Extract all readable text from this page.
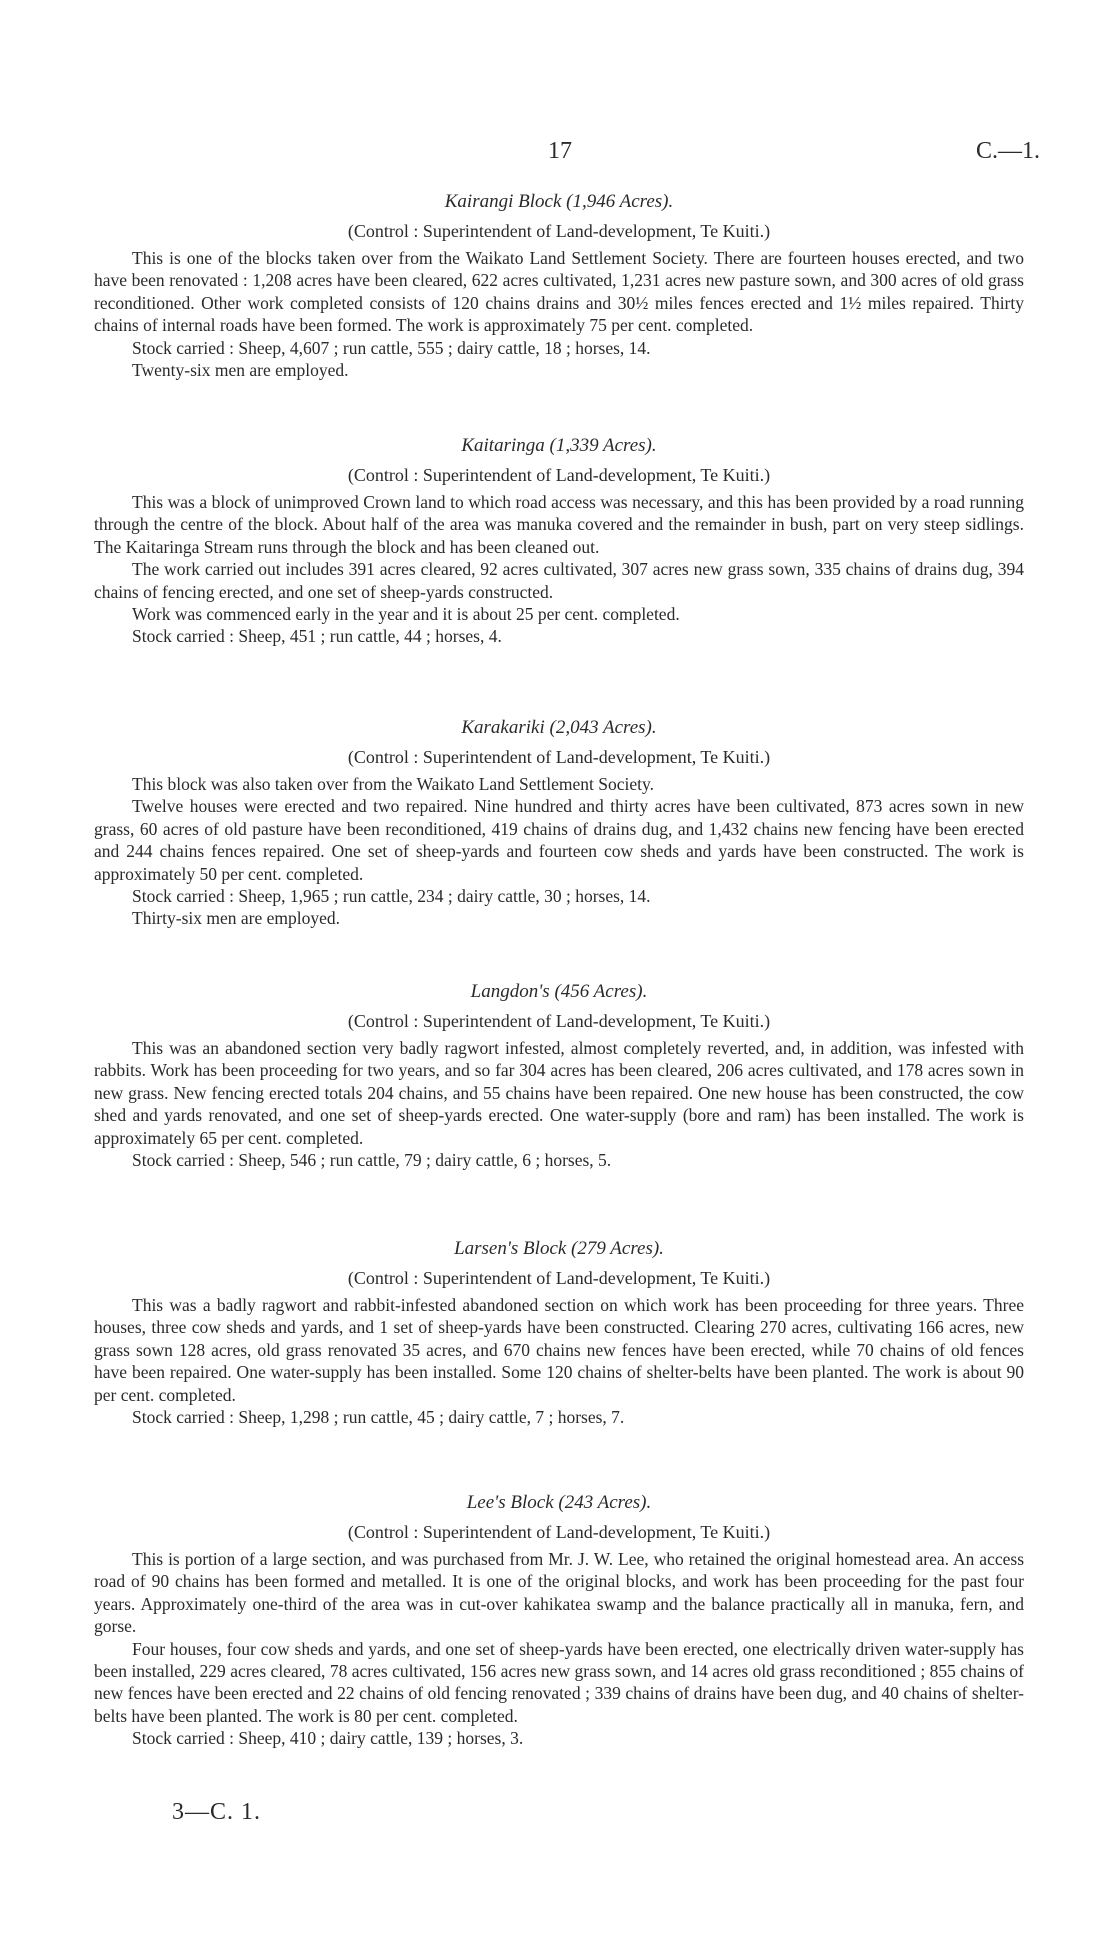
17	C.—1.
Kairangi Block (1,946 Acres).
(Control : Superintendent of Land-development, Te Kuiti.)

This is one of the blocks taken over from the Waikato Land Settlement Society. There are fourteen houses erected, and two have been renovated : 1,208 acres have been cleared, 622 acres cultivated, 1,231 acres new pasture sown, and 300 acres of old grass reconditioned. Other work completed consists of 120 chains drains and 30½ miles fences erected and 1½ miles repaired. Thirty chains of internal roads have been formed. The work is approximately 75 per cent. completed.

Stock carried : Sheep, 4,607 ; run cattle, 555 ; dairy cattle, 18 ; horses, 14.

Twenty-six men are employed.

Kaitaringa (1,339 Acres).
(Control : Superintendent of Land-development, Te Kuiti.)

This was a block of unimproved Crown land to which road access was necessary, and this has been provided by a road running through the centre of the block. About half of the area was manuka covered and the remainder in bush, part on very steep sidlings. The Kaitaringa Stream runs through the block and has been cleaned out.

The work carried out includes 391 acres cleared, 92 acres cultivated, 307 acres new grass sown, 335 chains of drains dug, 394 chains of fencing erected, and one set of sheep-yards constructed.

Work was commenced early in the year and it is about 25 per cent. completed.

Stock carried : Sheep, 451 ; run cattle, 44 ; horses, 4.

Karakariki (2,043 Acres).
(Control : Superintendent of Land-development, Te Kuiti.)

This block was also taken over from the Waikato Land Settlement Society.

Twelve houses were erected and two repaired. Nine hundred and thirty acres have been cultivated, 873 acres sown in new grass, 60 acres of old pasture have been reconditioned, 419 chains of drains dug, and 1,432 chains new fencing have been erected and 244 chains fences repaired. One set of sheep-yards and fourteen cow sheds and yards have been constructed. The work is approximately 50 per cent. completed.

Stock carried : Sheep, 1,965 ; run cattle, 234 ; dairy cattle, 30 ; horses, 14.

Thirty-six men are employed.

Langdon's (456 Acres).
(Control : Superintendent of Land-development, Te Kuiti.)

This was an abandoned section very badly ragwort infested, almost completely reverted, and, in addition, was infested with rabbits. Work has been proceeding for two years, and so far 304 acres has been cleared, 206 acres cultivated, and 178 acres sown in new grass. New fencing erected totals 204 chains, and 55 chains have been repaired. One new house has been constructed, the cow shed and yards renovated, and one set of sheep-yards erected. One water-supply (bore and ram) has been installed. The work is approximately 65 per cent. completed.

Stock carried : Sheep, 546 ; run cattle, 79 ; dairy cattle, 6 ; horses, 5.

Larsen's Block (279 Acres).
(Control : Superintendent of Land-development, Te Kuiti.)

This was a badly ragwort and rabbit-infested abandoned section on which work has been proceeding for three years. Three houses, three cow sheds and yards, and 1 set of sheep-yards have been constructed. Clearing 270 acres, cultivating 166 acres, new grass sown 128 acres, old grass renovated 35 acres, and 670 chains new fences have been erected, while 70 chains of old fences have been repaired. One water-supply has been installed. Some 120 chains of shelter-belts have been planted. The work is about 90 per cent. completed.

Stock carried : Sheep, 1,298 ; run cattle, 45 ; dairy cattle, 7 ; horses, 7.

Lee's Block (243 Acres).
(Control : Superintendent of Land-development, Te Kuiti.)

This is portion of a large section, and was purchased from Mr. J. W. Lee, who retained the original homestead area. An access road of 90 chains has been formed and metalled. It is one of the original blocks, and work has been proceeding for the past four years. Approximately one-third of the area was in cut-over kahikatea swamp and the balance practically all in manuka, fern, and gorse.

Four houses, four cow sheds and yards, and one set of sheep-yards have been erected, one electrically driven water-supply has been installed, 229 acres cleared, 78 acres cultivated, 156 acres new grass sown, and 14 acres old grass reconditioned ; 855 chains of new fences have been erected and 22 chains of old fencing renovated ; 339 chains of drains have been dug, and 40 chains of shelter-belts have been planted. The work is 80 per cent. completed.

Stock carried : Sheep, 410 ; dairy cattle, 139 ; horses, 3.

3—C. 1.
